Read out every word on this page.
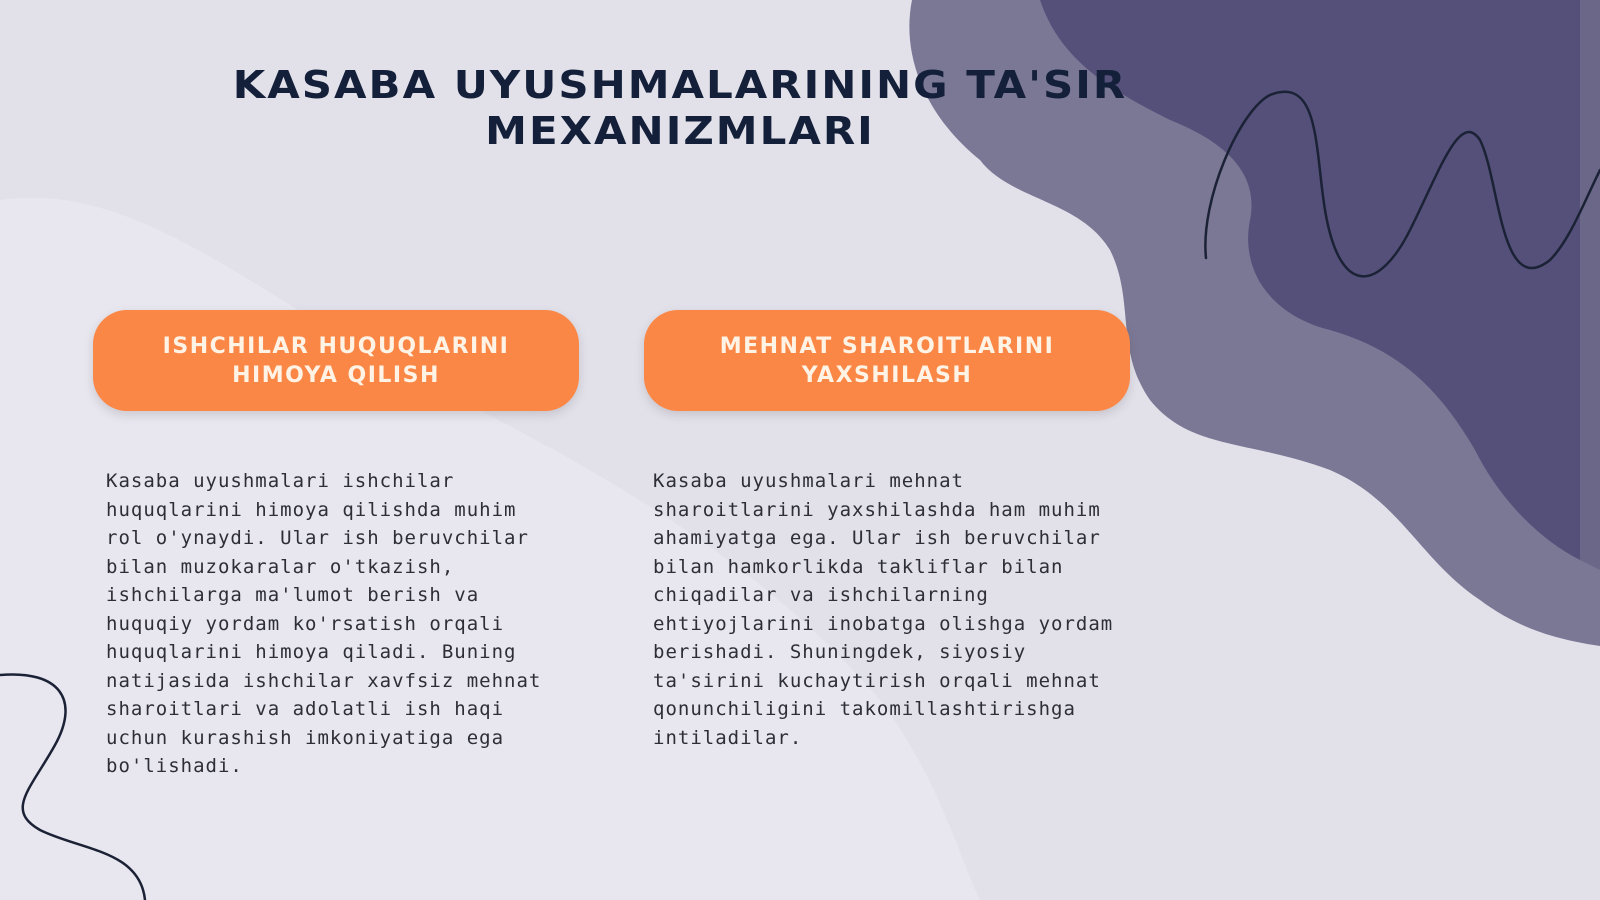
KASABA UYUSHMALARINING TA'SIR MEXANIZMLARI
ISHCHILAR HUQUQLARINI HIMOYA QILISH
MEHNAT SHAROITLARINI YAXSHILASH

Kasaba uyushmalari ishchilar huquqlarini himoya qilishda muhim rol o'ynaydi. Ular ish beruvchilar bilan muzokaralar o'tkazish, ishchilarga ma'lumot berish va huquqiy yordam ko'rsatish orqali huquqlarini himoya qiladi. Buning natijasida ishchilar xavfsiz mehnat sharoitlari va adolatli ish haqi uchun kurashish imkoniyatiga ega bo'lishadi.

Kasaba uyushmalari mehnat sharoitlarini yaxshilashda ham muhim ahamiyatga ega. Ular ish beruvchilar bilan hamkorlikda takliflar bilan chiqadilar va ishchilarning ehtiyojlarini inobatga olishga yordam berishadi. Shuningdek, siyosiy ta'sirini kuchaytirish orqali mehnat qonunchiligini takomillashtirishga intiladilar.
